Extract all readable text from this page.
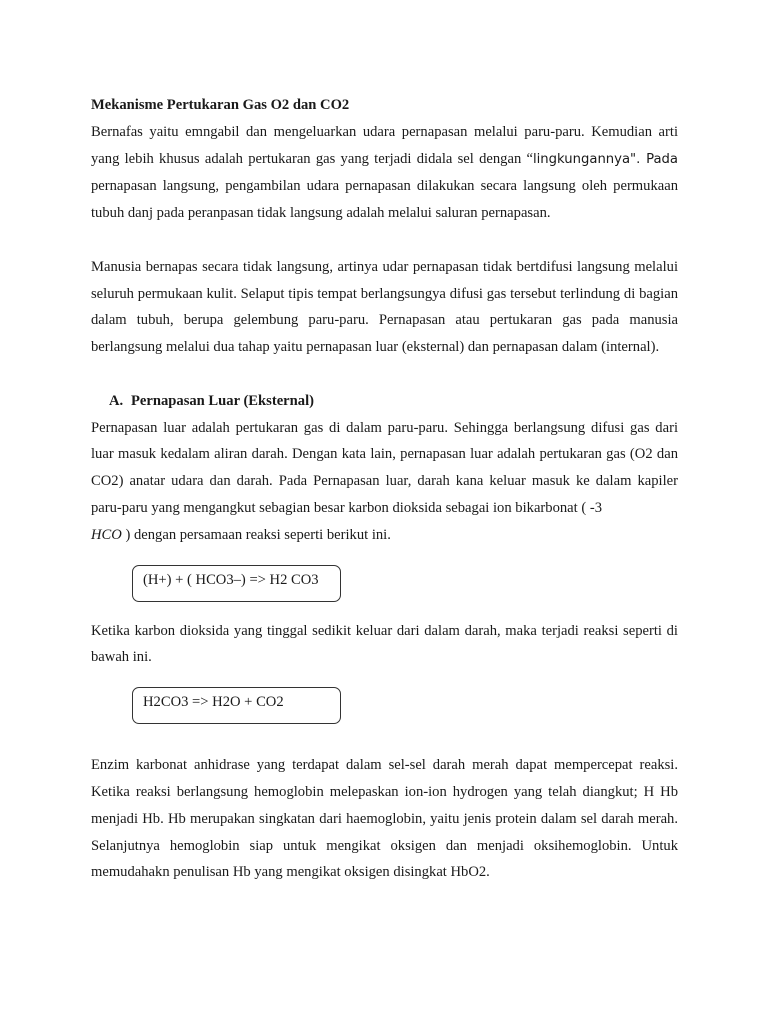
Mekanisme Pertukaran Gas O2 dan CO2

Bernafas yaitu emngabil dan mengeluarkan udara pernapasan melalui paru-paru. Kemudian arti yang lebih khusus adalah pertukaran gas yang terjadi didala sel dengan “lingkungannya". Pada pernapasan langsung, pengambilan udara pernapasan dilakukan secara langsung oleh permukaan tubuh danj pada peranpasan tidak langsung adalah melalui saluran pernapasan.

Manusia bernapas secara tidak langsung, artinya udar pernapasan tidak bertdifusi langsung melalui seluruh permukaan kulit. Selaput tipis tempat berlangsungya difusi gas tersebut terlindung di bagian dalam tubuh, berupa gelembung paru-paru. Pernapasan atau pertukaran gas pada manusia berlangsung melalui dua tahap yaitu pernapasan luar (eksternal) dan pernapasan dalam (internal).

A. Pernapasan Luar (Eksternal)

Pernapasan luar adalah pertukaran gas di dalam paru-paru. Sehingga berlangsung difusi gas dari luar masuk kedalam aliran darah. Dengan kata lain, pernapasan luar adalah pertukaran gas (O2 dan CO2) anatar udara dan darah. Pada Pernapasan luar, darah kana keluar masuk ke dalam kapiler paru-paru yang mengangkut sebagian besar karbon dioksida sebagai ion bikarbonat ( -3
HCO ) dengan persamaan reaksi seperti berikut ini.

(H+) + ( HCO3–) => H2 CO3

Ketika karbon dioksida yang tinggal sedikit keluar dari dalam darah, maka terjadi reaksi seperti di bawah ini.

H2CO3 => H2O + CO2

Enzim karbonat anhidrase yang terdapat dalam sel-sel darah merah dapat mempercepat reaksi. Ketika reaksi berlangsung hemoglobin melepaskan ion-ion hydrogen yang telah diangkut; H Hb menjadi Hb. Hb merupakan singkatan dari haemoglobin, yaitu jenis protein dalam sel darah merah. Selanjutnya hemoglobin siap untuk mengikat oksigen dan menjadi oksihemoglobin. Untuk memudahakn penulisan Hb yang mengikat oksigen disingkat HbO2.
